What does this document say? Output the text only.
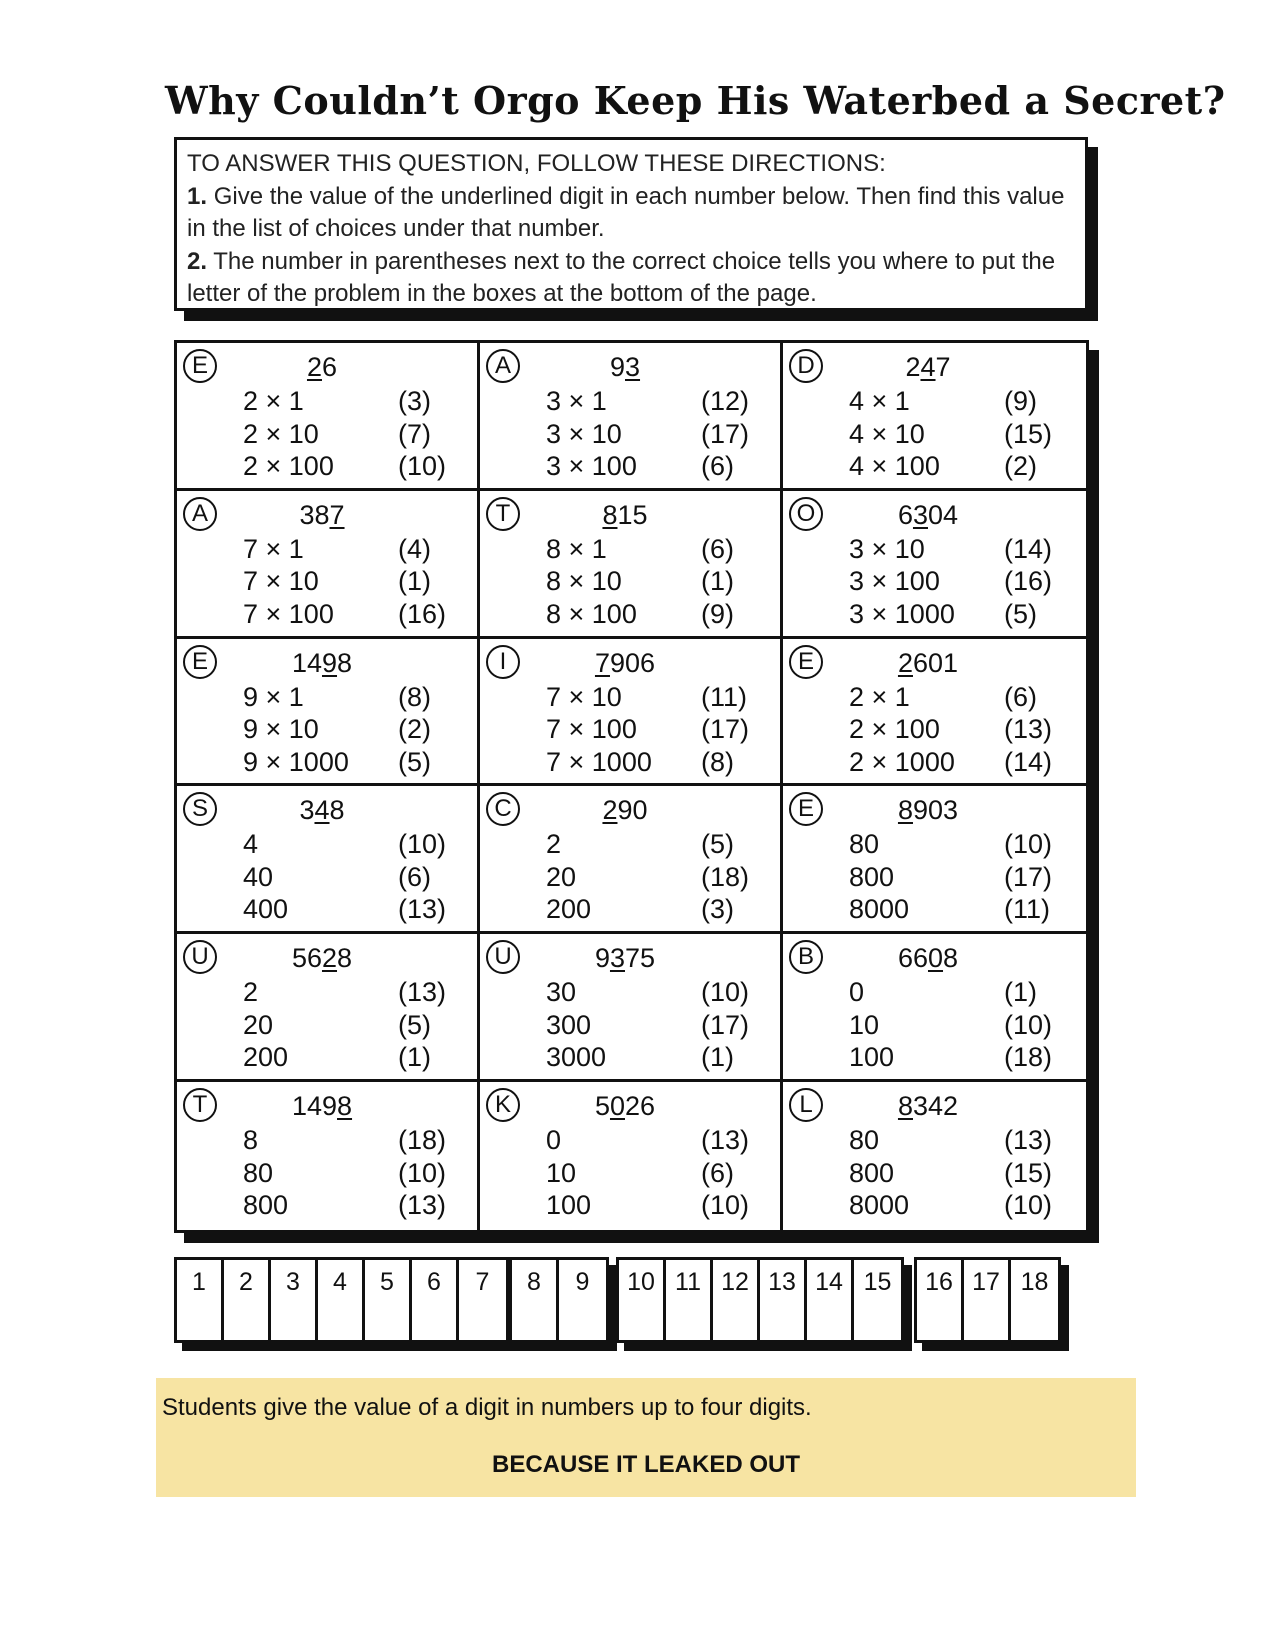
Why Couldn’t Orgo Keep His Waterbed a Secret?
TO ANSWER THIS QUESTION, FOLLOW THESE DIRECTIONS:
1. Give the value of the underlined digit in each number below. Then find this value in the list of choices under that number.
2. The number in parentheses next to the correct choice tells you where to put the letter of the problem in the boxes at the bottom of the page.
E	26
2 × 1	(3)
2 × 10	(7)
2 × 100 (10)
A	93
3 × 1	(12)
3 × 10	(17)
3 × 100 (6)
D	247
4 × 1	(9)
4 × 10	(15)
4 × 100 (2)
A	387
7 × 1	(4)
7 × 10	(1)
7 × 100 (16)
T	815
8 × 1	(6)
8 × 10	(1)
8 × 100 (9)
O	6304
3 × 10	(14)
3 × 100 (16)
3 × 1000 (5)
E	1498
9 × 1	(8)
9 × 10	(2)
9 × 1000 (5)
I	7906
7 × 10	(11)
7 × 100 (17)
7 × 1000 (8)
E	2601
2 × 1	(6)
2 × 100 (13)
2 × 1000 (14)
S	348
4	(10)
40	(6)
400	(13)
C	290
2	(5)
20	(18)
200	(3)
E	8903
80	(10)
800	(17)
8000	(11)
U	5628
2	(13)
20	(5)
200	(1)
U	9375
30	(10)
300	(17)
3000	(1)
B	6608
0	(1)
10	(10)
100	(18)
T	1498
8	(18)
80	(10)
800	(13)
K	5026
0	(13)
10	(6)
100	(10)
L	8342
80	(13)
800	(15)
8000	(10)
1	2	3	4	5	6	7	8	9	10 11 12 13 14 15	16 17 18
Students give the value of a digit in numbers up to four digits.
BECAUSE IT LEAKED OUT
